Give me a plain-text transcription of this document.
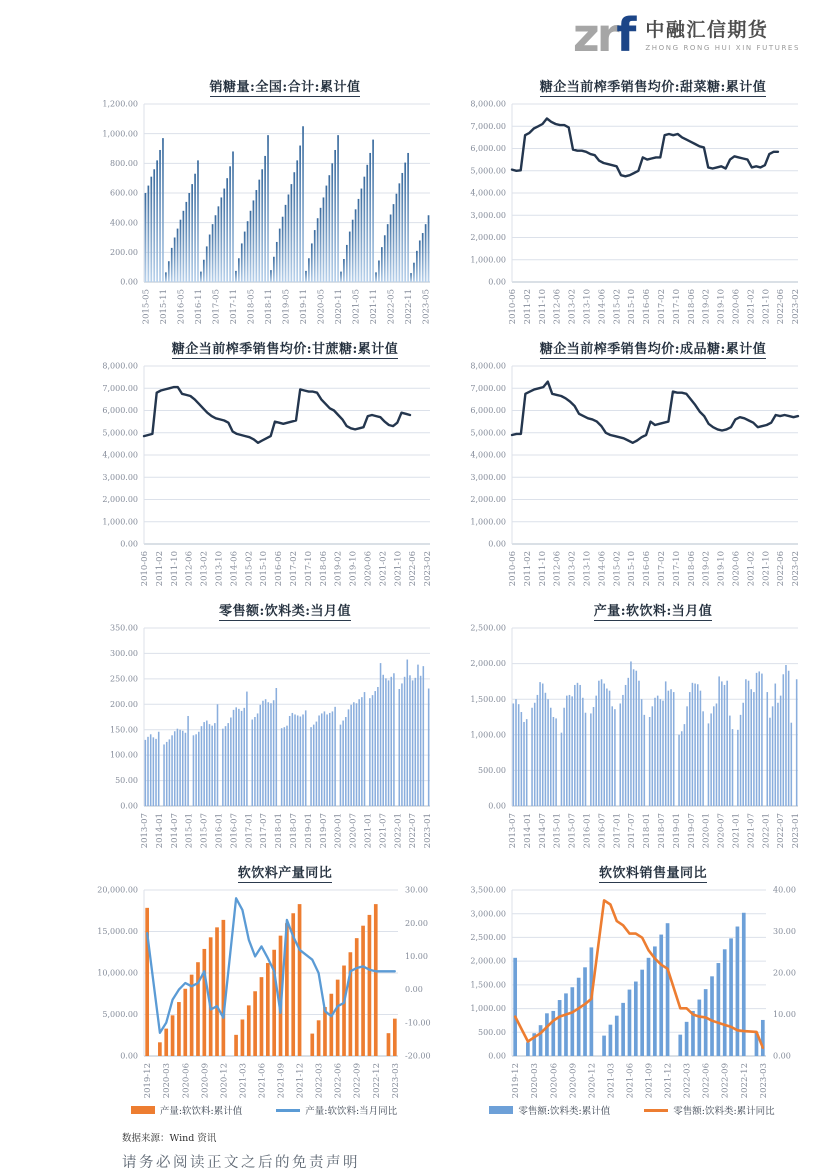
zrf 中融汇信期货
ZHONG RONG HUI XIN FUTURES
销糖量:全国:合计:累计值
0.00
200.00
400.00
600.00
800.00
1,000.00
1,200.00
2015-05 2015-11 2016-05 2016-11 2017-05 2017-11 2018-05 2018-11 2019-05 2019-11 2020-05 2020-11 2021-05 2021-11 2022-05 2022-11 2023-05
糖企当前榨季销售均价:甜菜糖:累计值
0.00
1,000.00
2,000.00
3,000.00
4,000.00
5,000.00
6,000.00
7,000.00
8,000.00
2010-06 2011-02 2011-10 2012-06 2013-02 2013-10 2014-06 2015-02 2015-10 2016-06 2017-02 2017-10 2018-06 2019-02 2019-10 2020-06 2021-02 2021-10 2022-06 2023-02
糖企当前榨季销售均价:甘蔗糖:累计值
0.00
1,000.00
2,000.00
3,000.00
4,000.00
5,000.00
6,000.00
7,000.00
8,000.00
2010-06 2011-02 2011-10 2012-06 2013-02 2013-10 2014-06 2015-02 2015-10 2016-06 2017-02 2017-10 2018-06 2019-02 2019-10 2020-06 2021-02 2021-10 2022-06 2023-02
糖企当前榨季销售均价:成品糖:累计值
0.00
1,000.00
2,000.00
3,000.00
4,000.00
5,000.00
6,000.00
7,000.00
8,000.00
2010-06 2011-02 2011-10 2012-06 2013-02 2013-10 2014-06 2015-02 2015-10 2016-06 2017-02 2017-10 2018-06 2019-02 2019-10 2020-06 2021-02 2021-10 2022-06 2023-02
零售额:饮料类:当月值
0.00
50.00
100.00
150.00
200.00
250.00
300.00
350.00
2013-07 2014-01 2014-07 2015-01 2015-07 2016-01 2016-07 2017-01 2017-07 2018-01 2018-07 2019-01 2019-07 2020-01 2020-07 2021-01 2021-07 2022-01 2022-07 2023-01
产量:软饮料:当月值
0.00
500.00
1,000.00
1,500.00
2,000.00
2,500.00
2013-07 2014-01 2014-07 2015-01 2015-07 2016-01 2016-07 2017-01 2017-07 2018-01 2018-07 2019-01 2019-07 2020-01 2020-07 2021-01 2021-07 2022-01 2022-07 2023-01
软饮料产量同比
0.00
5,000.00
10,000.00
15,000.00
20,000.00
-20.00
-10.00
0.00
10.00
20.00
30.00
2019-12 2020-03 2020-06 2020-09 2020-12 2021-03 2021-06 2021-09 2021-12 2022-03 2022-06 2022-09 2022-12 2023-03
产量:软饮料:累计值	产量:软饮料:当月同比
软饮料销售量同比
0.00
500.00
1,000.00
1,500.00
2,000.00
2,500.00
3,000.00
3,500.00
0.00
10.00
20.00
30.00
40.00
2019-12 2020-03 2020-06 2020-09 2020-12 2021-03 2021-06 2021-09 2021-12 2022-03 2022-06 2022-09 2022-12 2023-03
零售额:饮料类:累计值	零售额:饮料类:累计同比
数据来源：Wind 资讯
请务必阅读正文之后的免责声明
